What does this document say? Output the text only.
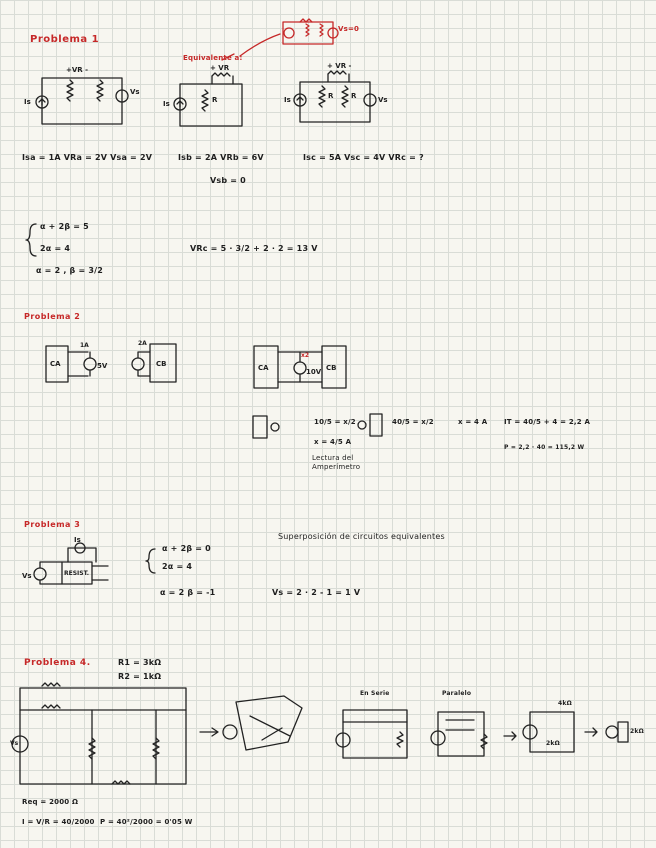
Problema 1
Equivalente a:
Vs=0
+VR -
Vs
Is
+ VR
R
Is
+ VR -
R	R
Is	Vs
Isa = 1A VRa = 2V Vsa = 2V	Isb = 2A VRb = 6V
Vsb = 0
Isc = 5A Vsc = 4V VRc = ?
α + 2β = 5
2α = 4
α = 2 , β = 3/2
VRc = 5 · 3/2 + 2 · 2 = 13 V
Problema 2
CA	CB
5V
1A	2A
CA	CB
10V
x2
10/5 = x/2
x = 4/5 A
Lectura del
Amperímetro
40/5 = x/2	x = 4 A IT = 40/5 + 4 = 2,2 A
P = 2,2 · 40 = 115,2 W
Problema 3
RESIST.
Is
Vs
Superposición de circuitos equivalentes
α + 2β = 0
2α = 4
α = 2 β = -1	Vs = 2 · 2 - 1 = 1 V
Problema 4.	R1 = 3kΩ
R2 = 1kΩ
Vs
En Serie	Paralelo
4kΩ
2kΩ
2kΩ
Req = 2000 Ω
I = V/R = 40/2000 P = 40²/2000 = 0'05 W
